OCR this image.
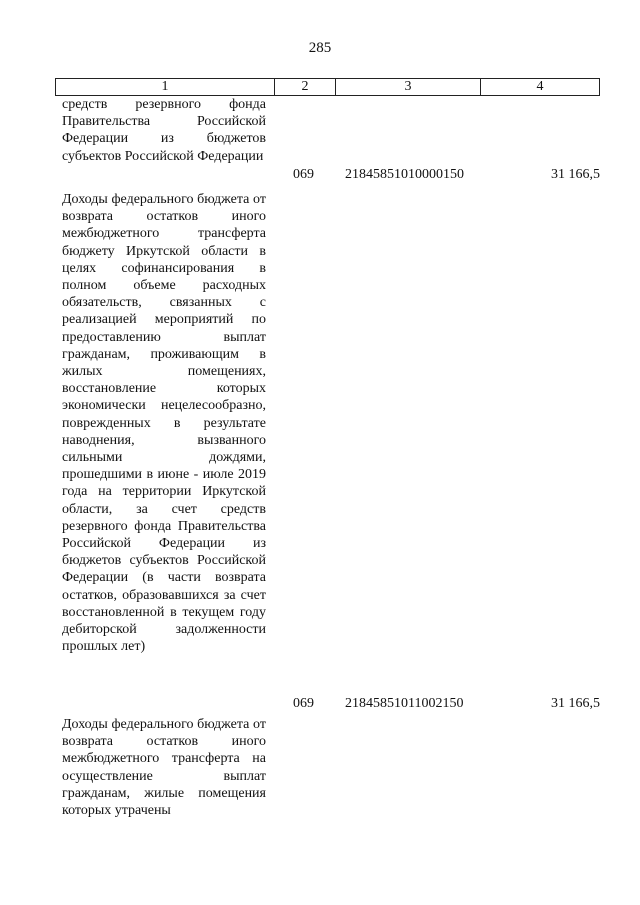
285
1	2	3	4
средств резервного фонда Правительства Российской Федерации из бюджетов субъектов Российской Федерации
069 21845851010000150	31 166,5
Доходы федерального бюджета от возврата остатков иного межбюджетного трансферта бюджету Иркутской области в целях софинансирования в полном объеме расходных обязательств, связанных с реализацией мероприятий по предоставлению выплат гражданам, проживающим в жилых помещениях, восстановление которых экономически нецелесообразно, поврежденных в результате наводнения, вызванного сильными дождями, прошедшими в июне - июле 2019 года на территории Иркутской области, за счет средств резервного фонда Правительства Российской Федерации из бюджетов субъектов Российской Федерации (в части возврата остатков, образовавшихся за счет восстановленной в текущем году дебиторской задолженности прошлых лет)
069 21845851011002150	31 166,5
Доходы федерального бюджета от возврата остатков иного межбюджетного трансферта на осуществление выплат гражданам, жилые помещения которых утрачены
